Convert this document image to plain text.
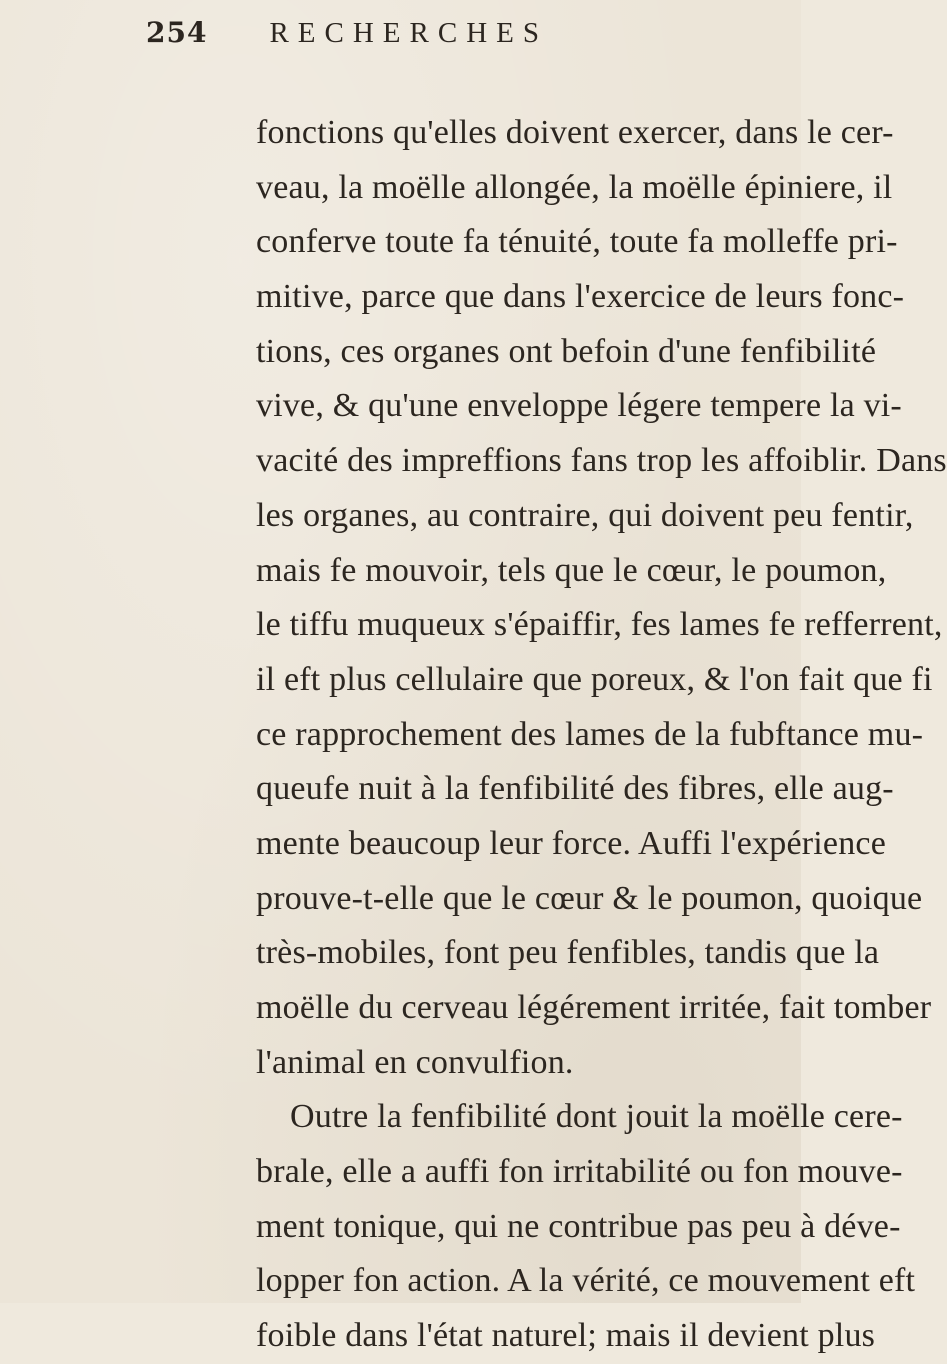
254 RECHERCHES
fonctions qu'elles doivent exercer, dans le cer-
veau, la moëlle allongée, la moëlle épiniere, il
conferve toute fa ténuité, toute fa molleffe pri-
mitive, parce que dans l'exercice de leurs fonc-
tions, ces organes ont befoin d'une fenfibilité
vive, & qu'une enveloppe légere tempere la vi-
vacité des impreffions fans trop les affoiblir. Dans
les organes, au contraire, qui doivent peu fentir,
mais fe mouvoir, tels que le cœur, le poumon,
le tiffu muqueux s'épaiffir, fes lames fe refferrent,
il eft plus cellulaire que poreux, & l'on fait que fi
ce rapprochement des lames de la fubftance mu-
queufe nuit à la fenfibilité des fibres, elle aug-
mente beaucoup leur force. Auffi l'expérience
prouve-t-elle que le cœur & le poumon, quoique
très-mobiles, font peu fenfibles, tandis que la
moëlle du cerveau légérement irritée, fait tomber
l'animal en convulfion.
Outre la fenfibilité dont jouit la moëlle cere-
brale, elle a auffi fon irritabilité ou fon mouve-
ment tonique, qui ne contribue pas peu à déve-
lopper fon action. A la vérité, ce mouvement eft
foible dans l'état naturel; mais il devient plus
